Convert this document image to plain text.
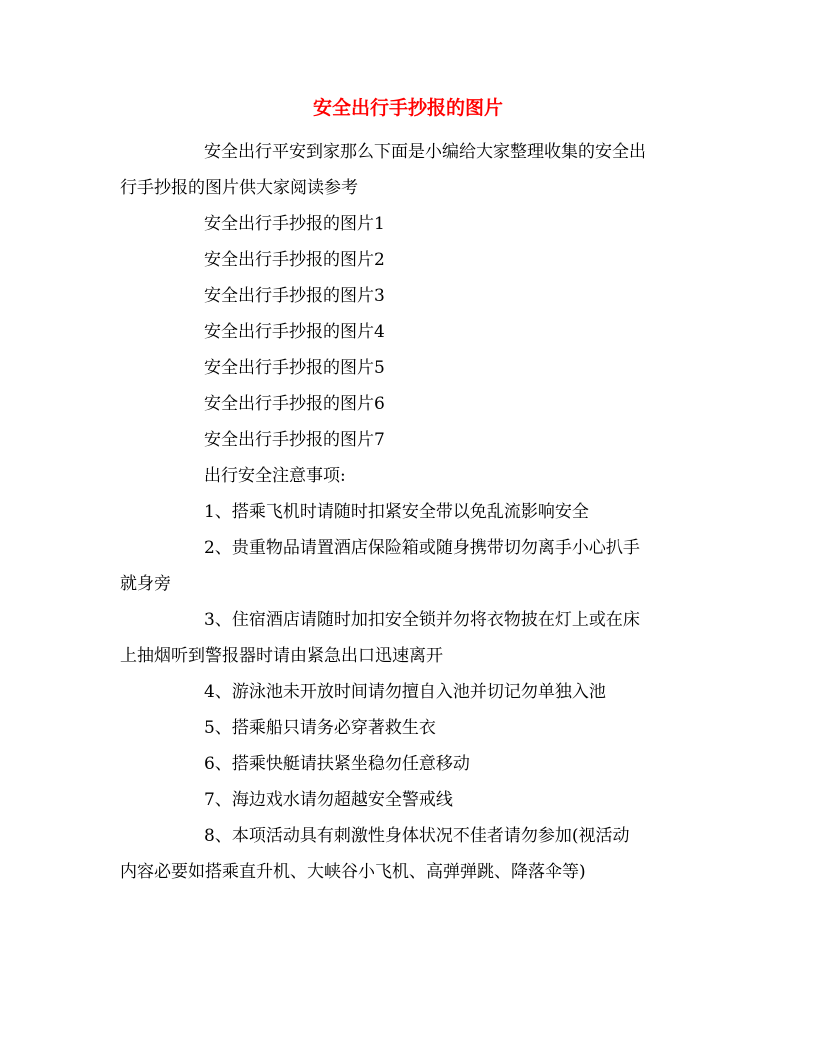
安全出行手抄报的图片
安全出行平安到家那么下面是小编给大家整理收集的安全出
行手抄报的图片供大家阅读参考
安全出行手抄报的图片1
安全出行手抄报的图片2
安全出行手抄报的图片3
安全出行手抄报的图片4
安全出行手抄报的图片5
安全出行手抄报的图片6
安全出行手抄报的图片7
出行安全注意事项:
1、搭乘飞机时请随时扣紧安全带以免乱流影响安全
2、贵重物品请置酒店保险箱或随身携带切勿离手小心扒手
就身旁
3、住宿酒店请随时加扣安全锁并勿将衣物披在灯上或在床
上抽烟听到警报器时请由紧急出口迅速离开
4、游泳池未开放时间请勿擅自入池并切记勿单独入池
5、搭乘船只请务必穿著救生衣
6、搭乘快艇请扶紧坐稳勿任意移动
7、海边戏水请勿超越安全警戒线
8、本项活动具有刺激性身体状况不佳者请勿参加(视活动
内容必要如搭乘直升机、大峡谷小飞机、高弹弹跳、降落伞等)
